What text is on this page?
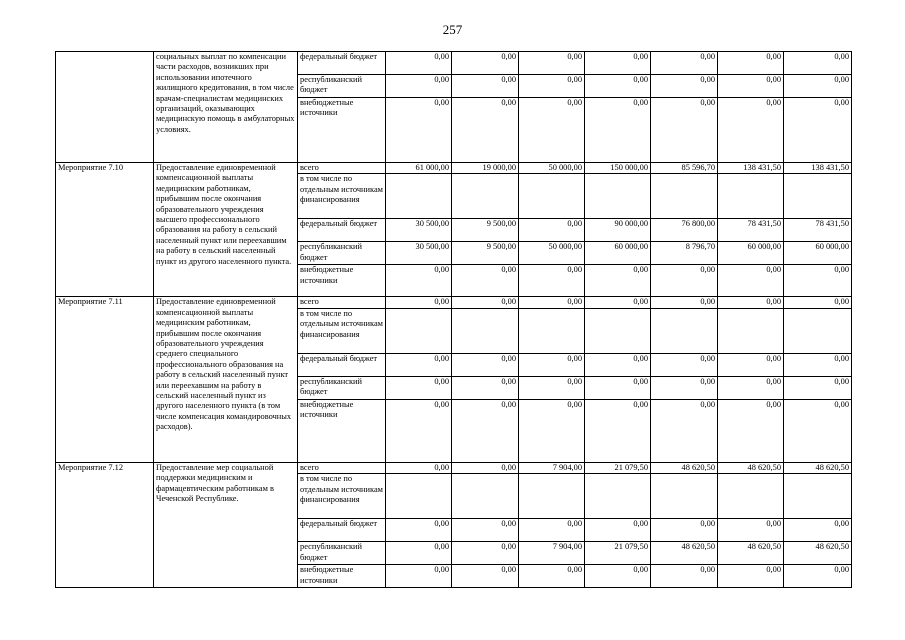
257
	социальных выплат по компенсации части расходов, возникших при использовании ипотечного жилищного кредитования, в том числе врачам-специалистам медицинских организаций, оказывающих медицинскую помощь в амбулаторных условиях.	федеральный бюджет	0,00	0,00	0,00	0,00	0,00	0,00	0,00
		республиканский бюджет	0,00	0,00	0,00	0,00	0,00	0,00	0,00
		внебюджетные источники	0,00	0,00	0,00	0,00	0,00	0,00	0,00
Мероприятие 7.10	Предоставление единовременной компенсационной выплаты медицинским работникам, прибывшим после окончания образовательного учреждения высшего профессионального образования на работу в сельский населенный пункт или переехавшим на работу в сельский населенный пункт из другого населенного пункта.	всего	61 000,00	19 000,00	50 000,00	150 000,00	85 596,70	138 431,50	138 431,50
		в том числе по отдельным источникам финансирования							
		федеральный бюджет	30 500,00	9 500,00	0,00	90 000,00	76 800,00	78 431,50	78 431,50
		республиканский бюджет	30 500,00	9 500,00	50 000,00	60 000,00	8 796,70	60 000,00	60 000,00
		внебюджетные источники	0,00	0,00	0,00	0,00	0,00	0,00	0,00
Мероприятие 7.11	Предоставление единовременной компенсационной выплаты медицинским работникам, прибывшим после окончания образовательного учреждения среднего специального профессионального образования на работу в сельский населенный пункт или переехавшим на работу в сельский населенный пункт из другого населенного пункта (в том числе компенсация командировочных расходов).	всего	0,00	0,00	0,00	0,00	0,00	0,00	0,00
		в том числе по отдельным источникам финансирования							
		федеральный бюджет	0,00	0,00	0,00	0,00	0,00	0,00	0,00
		республиканский бюджет	0,00	0,00	0,00	0,00	0,00	0,00	0,00
		внебюджетные источники	0,00	0,00	0,00	0,00	0,00	0,00	0,00
Мероприятие 7.12	Предоставление мер социальной поддержки медицинским и фармацевтическим работникам в Чеченской Республике.	всего	0,00	0,00	7 904,00	21 079,50	48 620,50	48 620,50	48 620,50
		в том числе по отдельным источникам финансирования							
		федеральный бюджет	0,00	0,00	0,00	0,00	0,00	0,00	0,00
		республиканский бюджет	0,00	0,00	7 904,00	21 079,50	48 620,50	48 620,50	48 620,50
		внебюджетные источники	0,00	0,00	0,00	0,00	0,00	0,00	0,00
